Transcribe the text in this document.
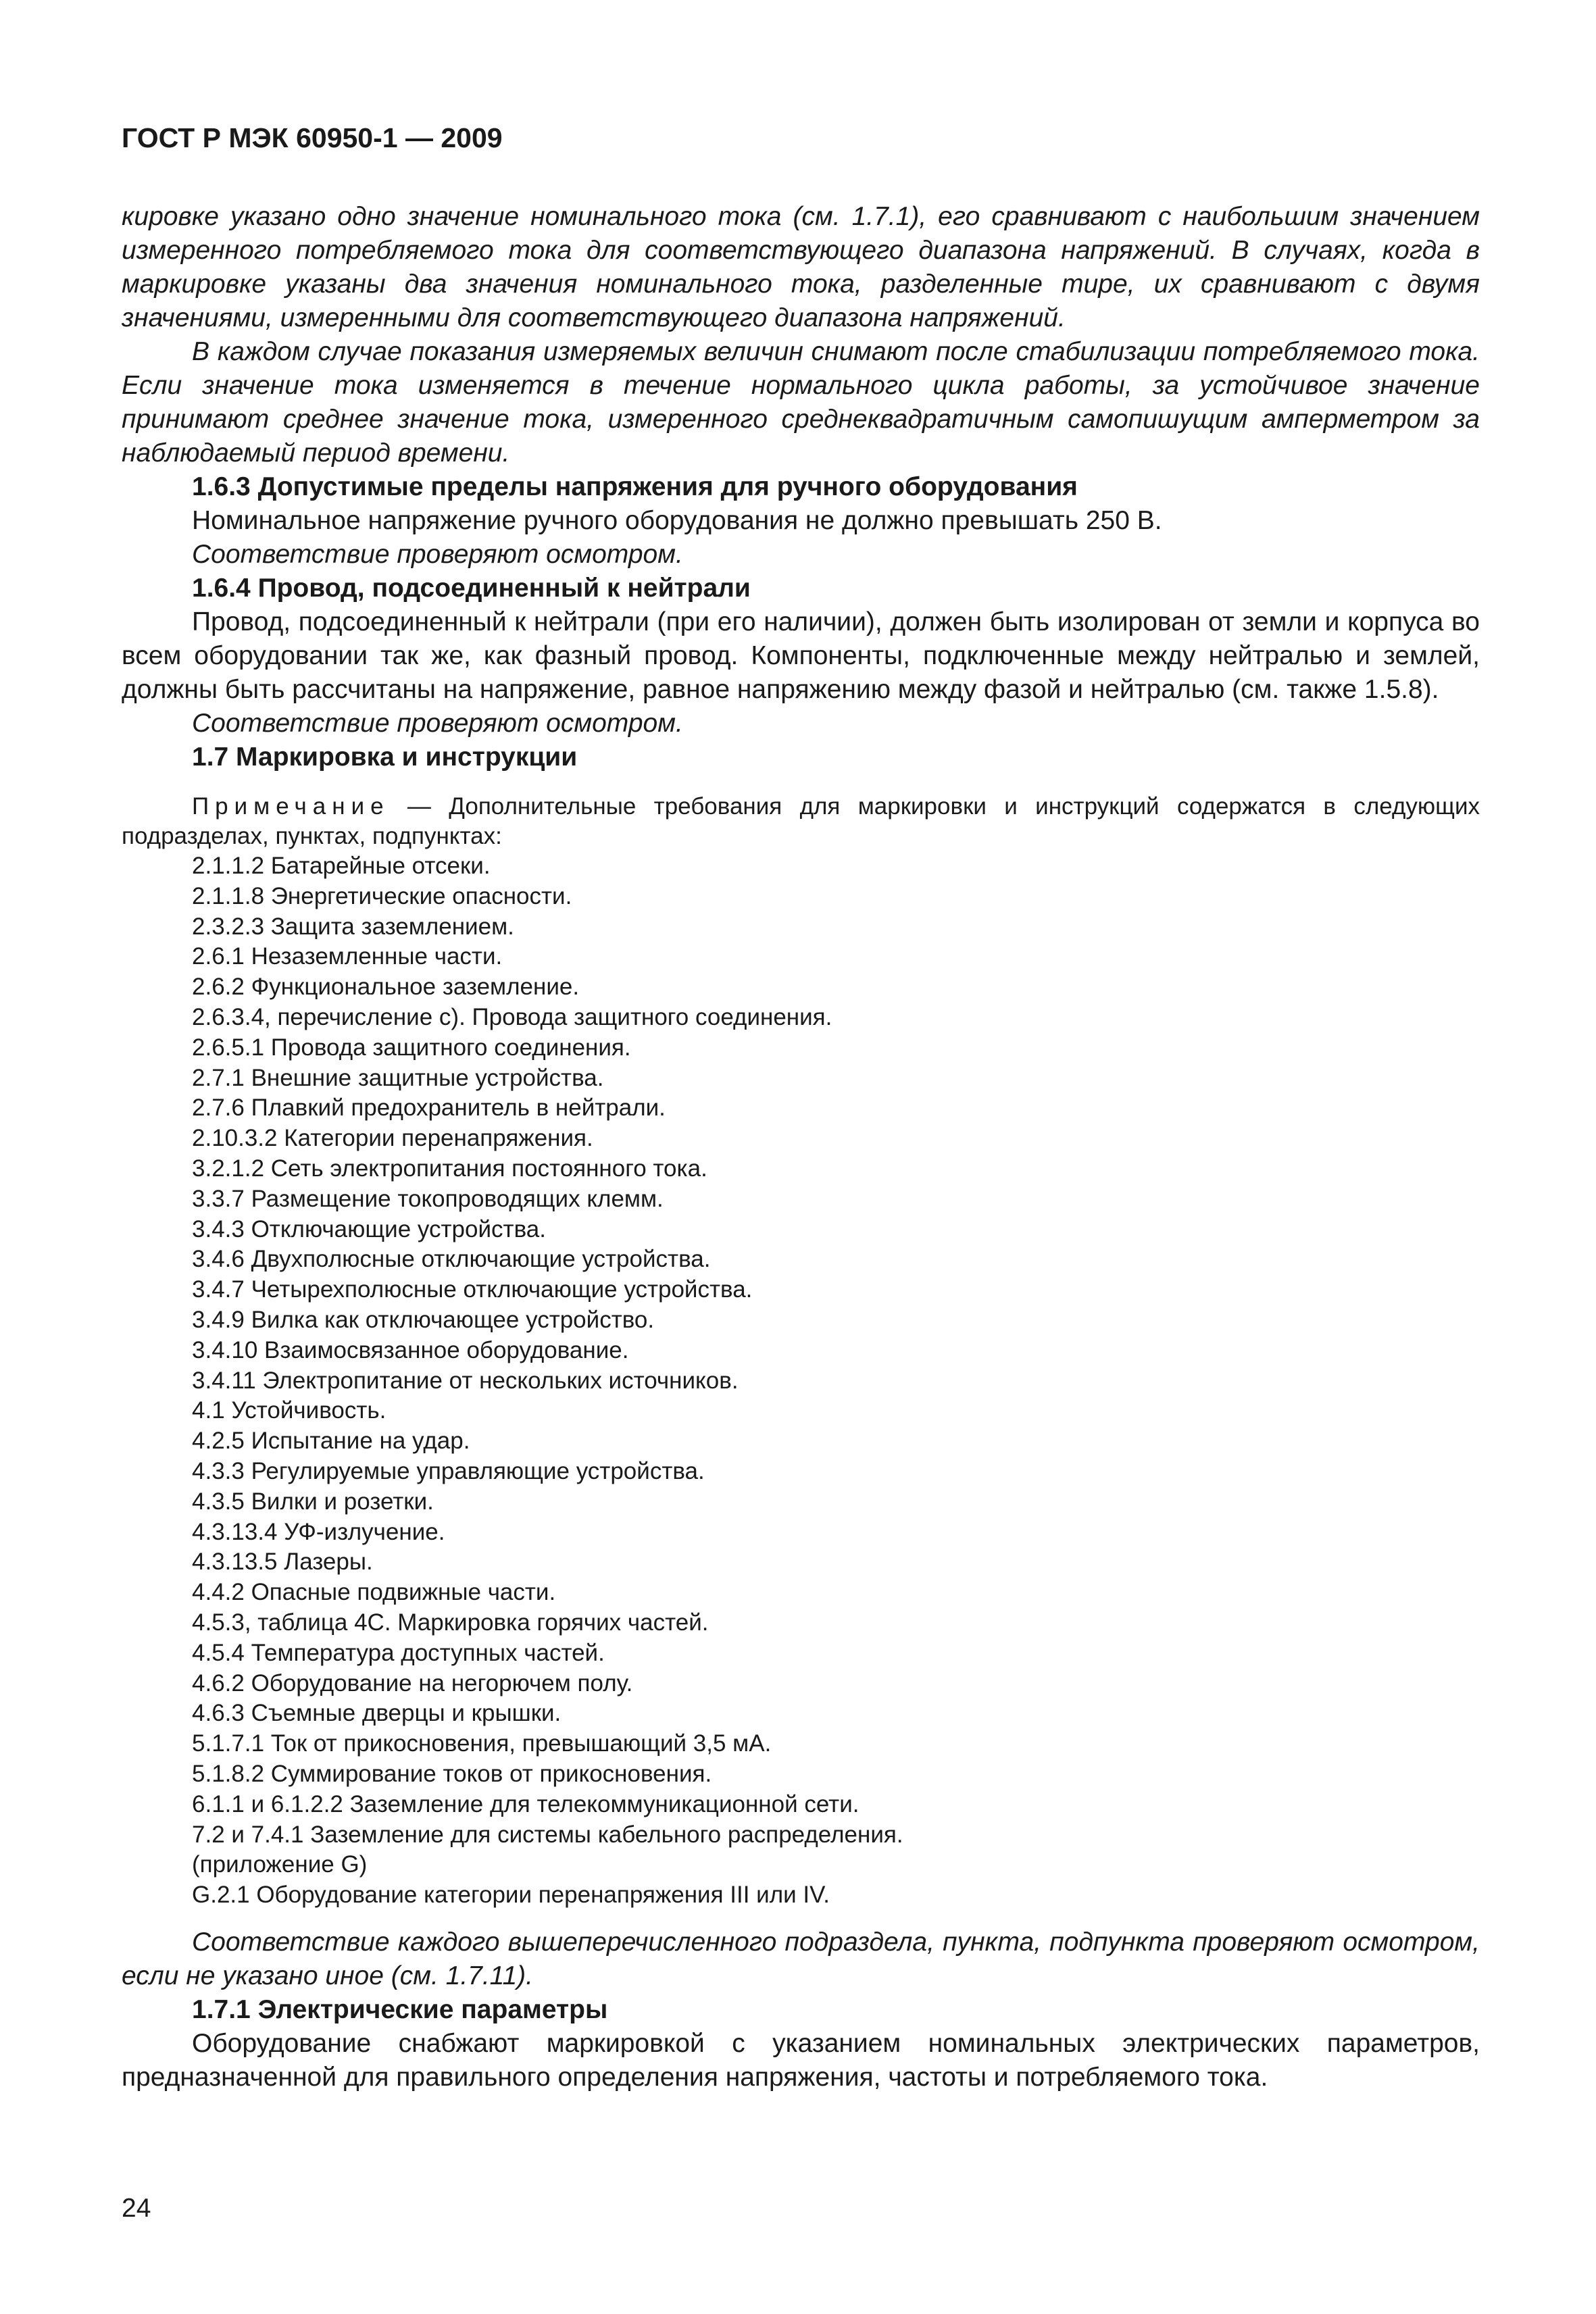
ГОСТ Р МЭК 60950-1 — 2009

кировке указано одно значение номинального тока (см. 1.7.1), его сравнивают с наибольшим значением измеренного потребляемого тока для соответствующего диапазона напряжений. В случаях, когда в маркировке указаны два значения номинального тока, разделенные тире, их сравнивают с двумя значениями, измеренными для соответствующего диапазона напряжений.

В каждом случае показания измеряемых величин снимают после стабилизации потребляемого тока. Если значение тока изменяется в течение нормального цикла работы, за устойчивое значение принимают среднее значение тока, измеренного среднеквадратичным самопишущим амперметром за наблюдаемый период времени.

1.6.3 Допустимые пределы напряжения для ручного оборудования

Номинальное напряжение ручного оборудования не должно превышать 250 В.

Соответствие проверяют осмотром.

1.6.4 Провод, подсоединенный к нейтрали

Провод, подсоединенный к нейтрали (при его наличии), должен быть изолирован от земли и корпуса во всем оборудовании так же, как фазный провод. Компоненты, подключенные между нейтралью и землей, должны быть рассчитаны на напряжение, равное напряжению между фазой и нейтралью (см. также 1.5.8).

Соответствие проверяют осмотром.

1.7 Маркировка и инструкции

Примечание — Дополнительные требования для маркировки и инструкций содержатся в следующих подразделах, пунктах, подпунктах:

2.1.1.2 Батарейные отсеки.
2.1.1.8 Энергетические опасности.
2.3.2.3 Защита заземлением.
2.6.1 Незаземленные части.
2.6.2 Функциональное заземление.
2.6.3.4, перечисление c). Провода защитного соединения.
2.6.5.1 Провода защитного соединения.
2.7.1 Внешние защитные устройства.
2.7.6 Плавкий предохранитель в нейтрали.
2.10.3.2 Категории перенапряжения.
3.2.1.2 Сеть электропитания постоянного тока.
3.3.7 Размещение токопроводящих клемм.
3.4.3 Отключающие устройства.
3.4.6 Двухполюсные отключающие устройства.
3.4.7 Четырехполюсные отключающие устройства.
3.4.9 Вилка как отключающее устройство.
3.4.10 Взаимосвязанное оборудование.
3.4.11 Электропитание от нескольких источников.
4.1 Устойчивость.
4.2.5 Испытание на удар.
4.3.3 Регулируемые управляющие устройства.
4.3.5 Вилки и розетки.
4.3.13.4 УФ-излучение.
4.3.13.5 Лазеры.
4.4.2 Опасные подвижные части.
4.5.3, таблица 4С. Маркировка горячих частей.
4.5.4 Температура доступных частей.
4.6.2 Оборудование на негорючем полу.
4.6.3 Съемные дверцы и крышки.
5.1.7.1 Ток от прикосновения, превышающий 3,5 мА.
5.1.8.2 Суммирование токов от прикосновения.
6.1.1 и 6.1.2.2 Заземление для телекоммуникационной сети.
7.2 и 7.4.1 Заземление для системы кабельного распределения.
(приложение G)
G.2.1 Оборудование категории перенапряжения III или IV.

Соответствие каждого вышеперечисленного подраздела, пункта, подпункта проверяют осмотром, если не указано иное (см. 1.7.11).

1.7.1 Электрические параметры

Оборудование снабжают маркировкой с указанием номинальных электрических параметров, предназначенной для правильного определения напряжения, частоты и потребляемого тока.

24
